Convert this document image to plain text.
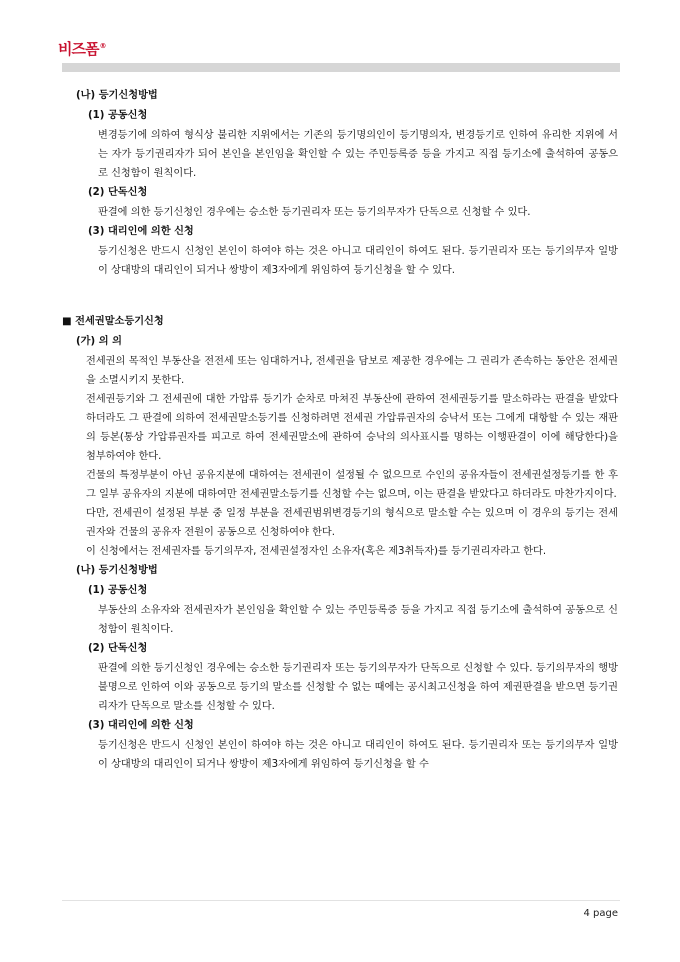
비즈폼®
(나) 등기신청방법
(1) 공동신청
변경등기에 의하여 형식상 불리한 지위에서는 기존의 등기명의인이 등기명의자, 변경등기로 인하여 유리한 지위에 서는 자가 등기권리자가 되어 본인을 본인임을 확인할 수 있는 주민등록증 등을 가지고 직접 등기소에 출석하여 공동으로 신청함이 원칙이다.
(2) 단독신청
판결에 의한 등기신청인 경우에는 승소한 등기권리자 또는 등기의무자가 단독으로 신청할 수 있다.
(3) 대리인에 의한 신청
등기신청은 반드시 신청인 본인이 하여야 하는 것은 아니고 대리인이 하여도 된다. 등기권리자 또는 등기의무자 일방이 상대방의 대리인이 되거나 쌍방이 제3자에게 위임하여 등기신청을 할 수 있다.
■ 전세권말소등기신청
(가) 의 의
전세권의 목적인 부동산을 전전세 또는 임대하거나, 전세권을 담보로 제공한 경우에는 그 권리가 존속하는 동안은 전세권을 소멸시키지 못한다.
전세권등기와 그 전세권에 대한 가압류 등기가 순차로 마쳐진 부동산에 관하여 전세권등기를 말소하라는 판결을 받았다 하더라도 그 판결에 의하여 전세권말소등기를 신청하려면 전세권 가압류권자의 승낙서 또는 그에게 대항할 수 있는 재판의 등본(통상 가압류권자를 피고로 하여 전세권말소에 관하여 승낙의 의사표시를 명하는 이행판결이 이에 해당한다)을 첨부하여야 한다.
건물의 특정부분이 아닌 공유지분에 대하여는 전세권이 설정될 수 없으므로 수인의 공유자들이 전세권설정등기를 한 후 그 일부 공유자의 지분에 대하여만 전세권말소등기를 신청할 수는 없으며, 이는 판결을 받았다고 하더라도 마찬가지이다.
다만, 전세권이 설정된 부분 중 일정 부분을 전세권범위변경등기의 형식으로 말소할 수는 있으며 이 경우의 등기는 전세권자와 건물의 공유자 전원이 공동으로 신청하여야 한다.
이 신청에서는 전세권자를 등기의무자, 전세권설정자인 소유자(혹은 제3취득자)를 등기권리자라고 한다.
(나) 등기신청방법
(1) 공동신청
부동산의 소유자와 전세권자가 본인임을 확인할 수 있는 주민등록증 등을 가지고 직접 등기소에 출석하여 공동으로 신청함이 원칙이다.
(2) 단독신청
판결에 의한 등기신청인 경우에는 승소한 등기권리자 또는 등기의무자가 단독으로 신청할 수 있다. 등기의무자의 행방불명으로 인하여 이와 공동으로 등기의 말소를 신청할 수 없는 때에는 공시최고신청을 하여 제권판결을 받으면 등기권리자가 단독으로 말소를 신청할 수 있다.
(3) 대리인에 의한 신청
등기신청은 반드시 신청인 본인이 하여야 하는 것은 아니고 대리인이 하여도 된다. 등기권리자 또는 등기의무자 일방이 상대방의 대리인이 되거나 쌍방이 제3자에게 위임하여 등기신청을 할 수
4 page
